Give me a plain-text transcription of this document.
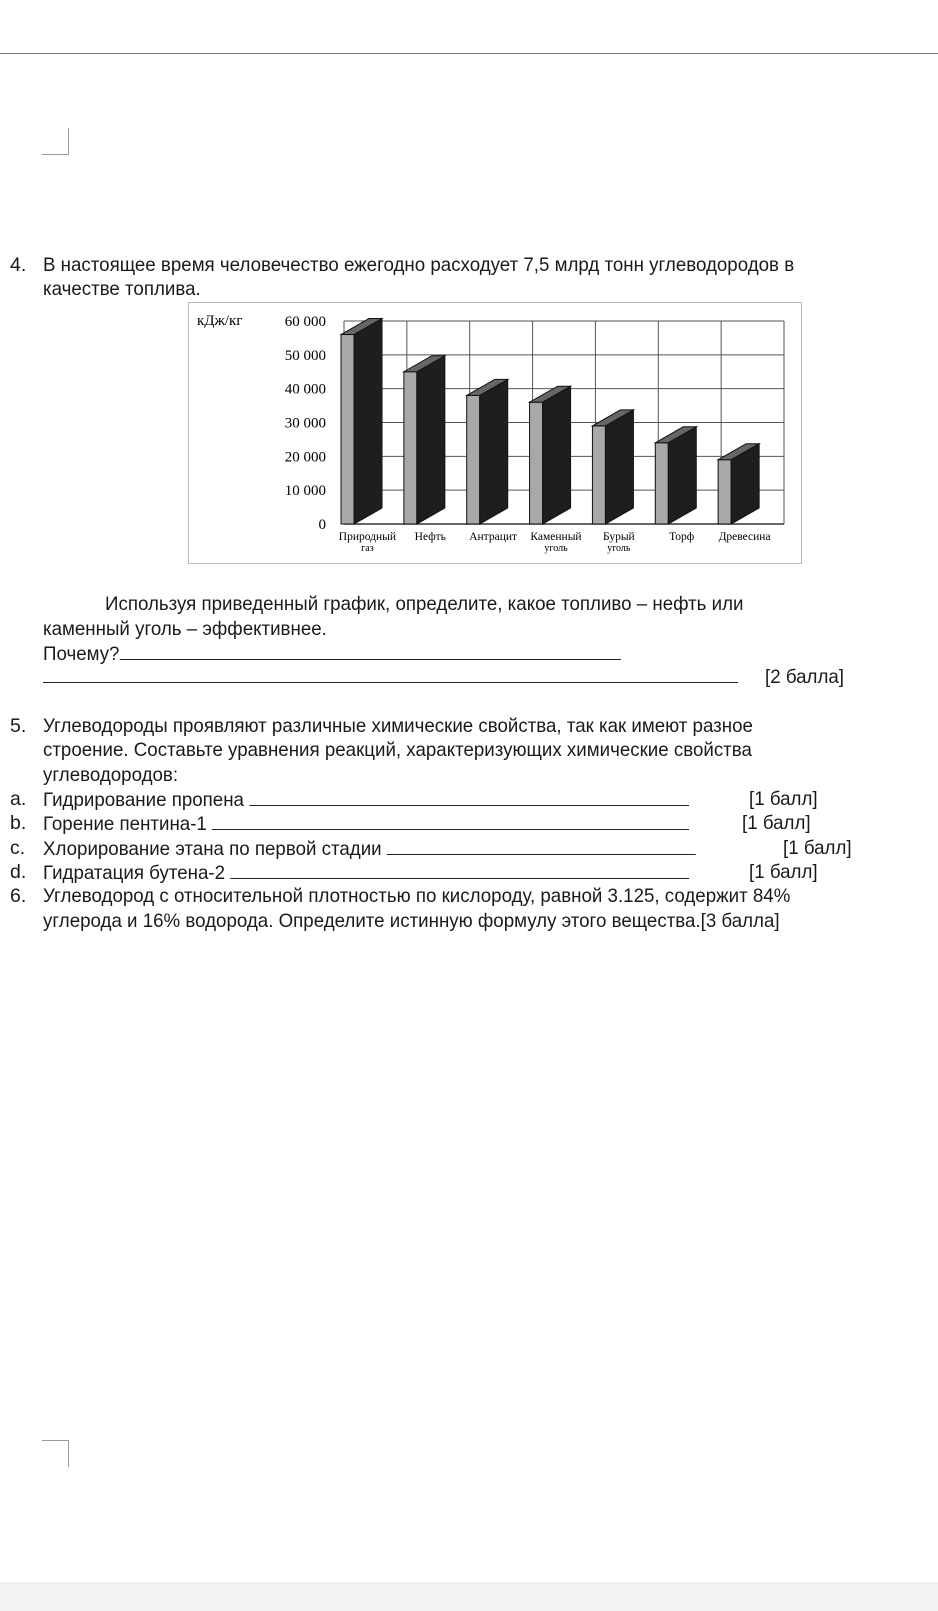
4. В настоящее время человечество ежегодно расходует 7,5 млрд тонн углеводородов в
качестве топлива.
0
10 000
20 000
30 000
40 000
50 000
60 000
кДж/кг
Природный
газ
Нефть Антрацит Каменный
уголь
Бурый
уголь
Торф Древесина
Используя приведенный график, определите, какое топливо – нефть или
каменный уголь – эффективнее.
Почему?
[2 балла]
5. Углеводороды проявляют различные химические свойства, так как имеют разное
строение. Составьте уравнения реакций, характеризующих химические свойства
углеводородов:
a. Гидрирование пропена	[1 балл]
b. Горение пентина-1	[1 балл]
c. Хлорирование этана по первой стадии	[1 балл]
d. Гидратация бутена-2	[1 балл]
6. Углеводород с относительной плотностью по кислороду, равной 3.125, содержит 84%
углерода и 16% водорода. Определите истинную формулу этого вещества.[3 балла]
